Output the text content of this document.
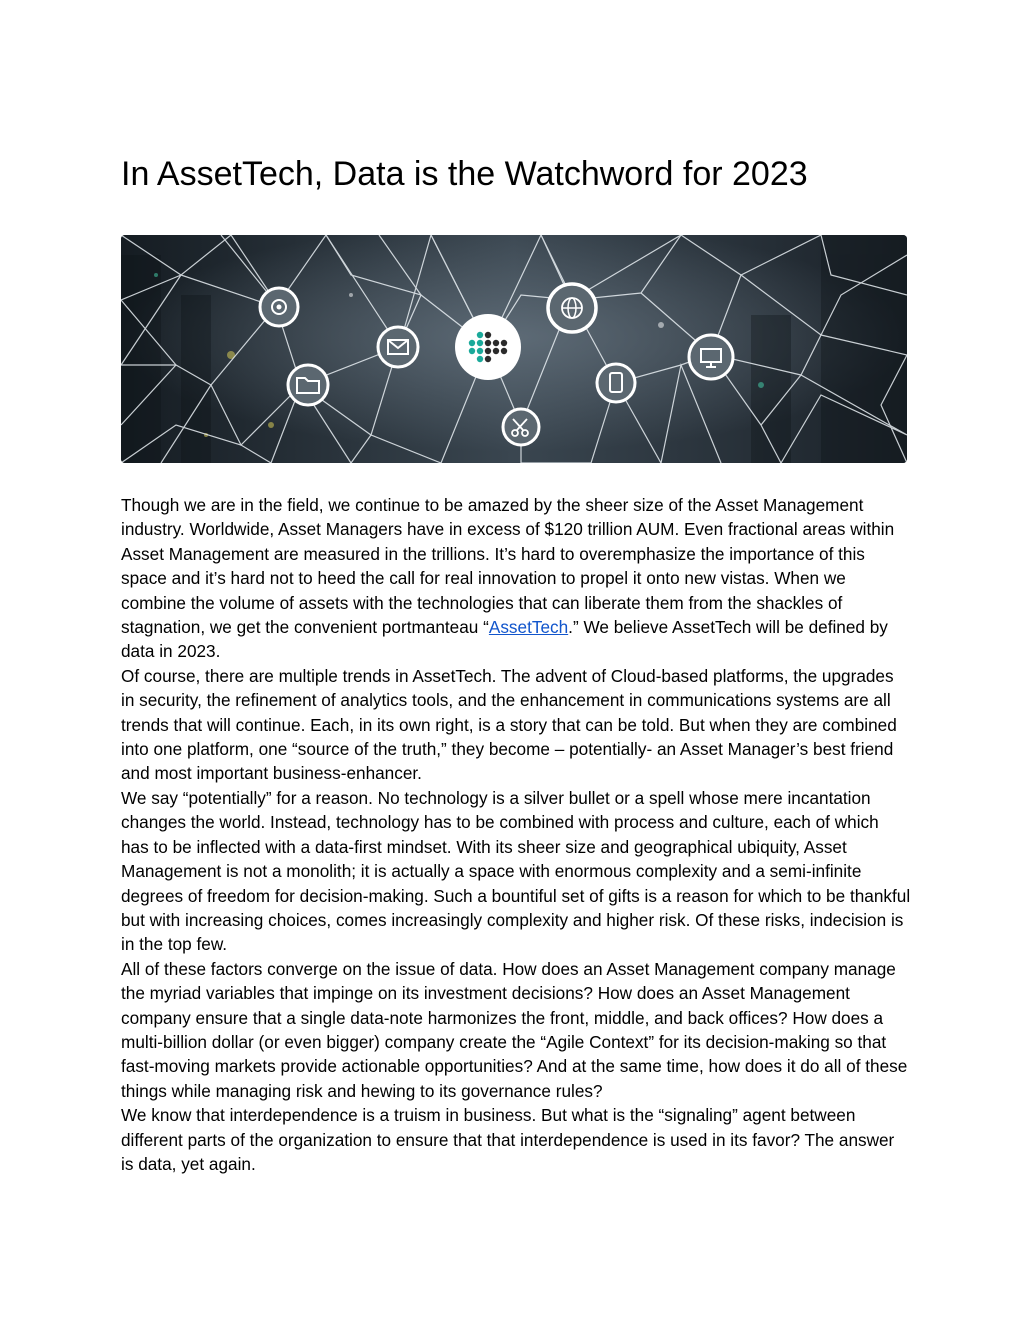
In AssetTech, Data is the Watchword for 2023

Though we are in the field, we continue to be amazed by the sheer size of the Asset Management industry. Worldwide, Asset Managers have in excess of $120 trillion AUM. Even fractional areas within Asset Management are measured in the trillions. It’s hard to overemphasize the importance of this space and it’s hard not to heed the call for real innovation to propel it onto new vistas. When we combine the volume of assets with the technologies that can liberate them from the shackles of stagnation, we get the convenient portmanteau “AssetTech.” We believe AssetTech will be defined by data in 2023.

Of course, there are multiple trends in AssetTech. The advent of Cloud-based platforms, the upgrades in security, the refinement of analytics tools, and the enhancement in communications systems are all trends that will continue. Each, in its own right, is a story that can be told. But when they are combined into one platform, one “source of the truth,” they become – potentially- an Asset Manager’s best friend and most important business-enhancer.

We say “potentially” for a reason. No technology is a silver bullet or a spell whose mere incantation changes the world. Instead, technology has to be combined with process and culture, each of which has to be inflected with a data-first mindset. With its sheer size and geographical ubiquity, Asset Management is not a monolith; it is actually a space with enormous complexity and a semi-infinite degrees of freedom for decision-making. Such a bountiful set of gifts is a reason for which to be thankful but with increasing choices, comes increasingly complexity and higher risk. Of these risks, indecision is in the top few.

All of these factors converge on the issue of data. How does an Asset Management company manage the myriad variables that impinge on its investment decisions? How does an Asset Management company ensure that a single data-note harmonizes the front, middle, and back offices? How does a multi-billion dollar (or even bigger) company create the “Agile Context” for its decision-making so that fast-moving markets provide actionable opportunities? And at the same time, how does it do all of these things while managing risk and hewing to its governance rules?

We know that interdependence is a truism in business. But what is the “signaling” agent between different parts of the organization to ensure that that interdependence is used in its favor? The answer is data, yet again.
